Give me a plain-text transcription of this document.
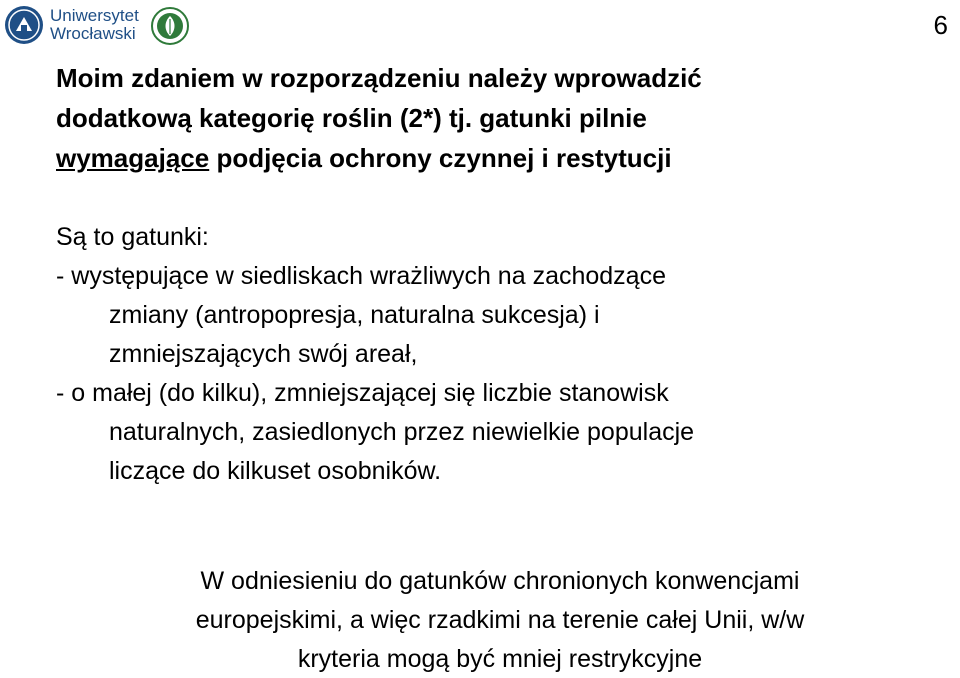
Uniwersytet
Wrocławski	6
Moim zdaniem w rozporządzeniu należy wprowadzić
dodatkową kategorię roślin (2*) tj. gatunki pilnie
wymagające podjęcia ochrony czynnej i restytucji
Są to gatunki:
- występujące w siedliskach wrażliwych na zachodzące
zmiany (antropopresja, naturalna sukcesja) i
zmniejszających swój areał,
- o małej (do kilku), zmniejszającej się liczbie stanowisk
naturalnych, zasiedlonych przez niewielkie populacje
liczące do kilkuset osobników.
W odniesieniu do gatunków chronionych konwencjami
europejskimi, a więc rzadkimi na terenie całej Unii, w/w
kryteria mogą być mniej restrykcyjne
